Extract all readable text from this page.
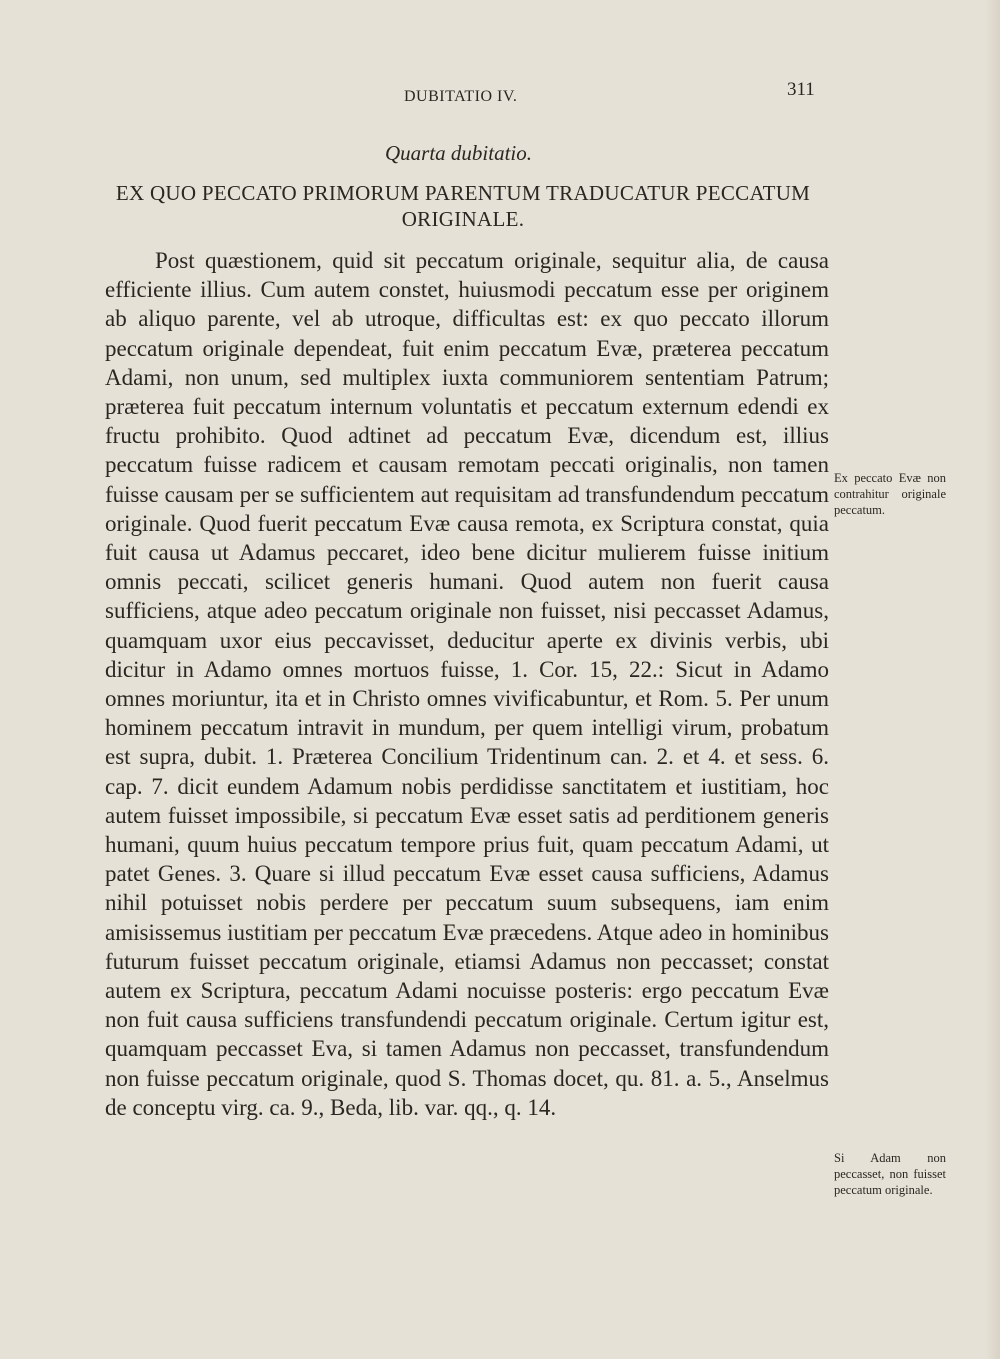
DUBITATIO IV.	311
Quarta dubitatio.
EX QUO PECCATO PRIMORUM PARENTUM TRADUCATUR PECCATUM ORIGINALE.

Post quæstionem, quid sit peccatum originale, sequitur alia, de causa efficiente illius. Cum autem constet, huiusmodi peccatum esse per originem ab aliquo parente, vel ab utroque, difficultas est: ex quo peccato illorum peccatum originale dependeat, fuit enim peccatum Evæ, præterea peccatum Adami, non unum, sed multiplex iuxta communiorem sententiam Patrum; præterea fuit peccatum internum voluntatis et peccatum externum edendi ex fructu prohibito. Quod adtinet ad peccatum Evæ, dicendum est, illius peccatum fuisse radicem et causam remotam peccati originalis, non tamen fuisse causam per se sufficientem aut requisitam ad transfundendum peccatum originale. Quod fuerit peccatum Evæ causa remota, ex Scriptura constat, quia fuit causa ut Adamus peccaret, ideo bene dicitur mulierem fuisse initium omnis peccati, scilicet generis humani. Quod autem non fuerit causa sufficiens, atque adeo peccatum originale non fuisset, nisi peccasset Adamus, quamquam uxor eius peccavisset, deducitur aperte ex divinis verbis, ubi dicitur in Adamo omnes mortuos fuisse, 1. Cor. 15, 22.: Sicut in Adamo omnes moriuntur, ita et in Christo omnes vivificabuntur, et Rom. 5. Per unum hominem peccatum intravit in mundum, per quem intelligi virum, probatum est supra, dubit. 1. Præterea Concilium Tridentinum can. 2. et 4. et sess. 6. cap. 7. dicit eundem Adamum nobis perdidisse sanctitatem et iustitiam, hoc autem fuisset impossibile, si peccatum Evæ esset satis ad perditionem generis humani, quum huius peccatum tempore prius fuit, quam peccatum Adami, ut patet Genes. 3. Quare si illud peccatum Evæ esset causa sufficiens, Adamus nihil potuisset nobis perdere per peccatum suum subsequens, iam enim amisissemus iustitiam per peccatum Evæ præcedens. Atque adeo in hominibus futurum fuisset peccatum originale, etiamsi Adamus non peccasset; constat autem ex Scriptura, peccatum Adami nocuisse posteris: ergo peccatum Evæ non fuit causa sufficiens transfundendi peccatum originale. Certum igitur est, quamquam peccasset Eva, si tamen Adamus non peccasset, transfundendum non fuisse peccatum originale, quod S. Thomas docet, qu. 81. a. 5., Anselmus de conceptu virg. ca. 9., Beda, lib. var. qq., q. 14.

Ex peccato Evæ non contrahitur originale peccatum.
Si Adam non peccasset, non fuisset peccatum originale.
